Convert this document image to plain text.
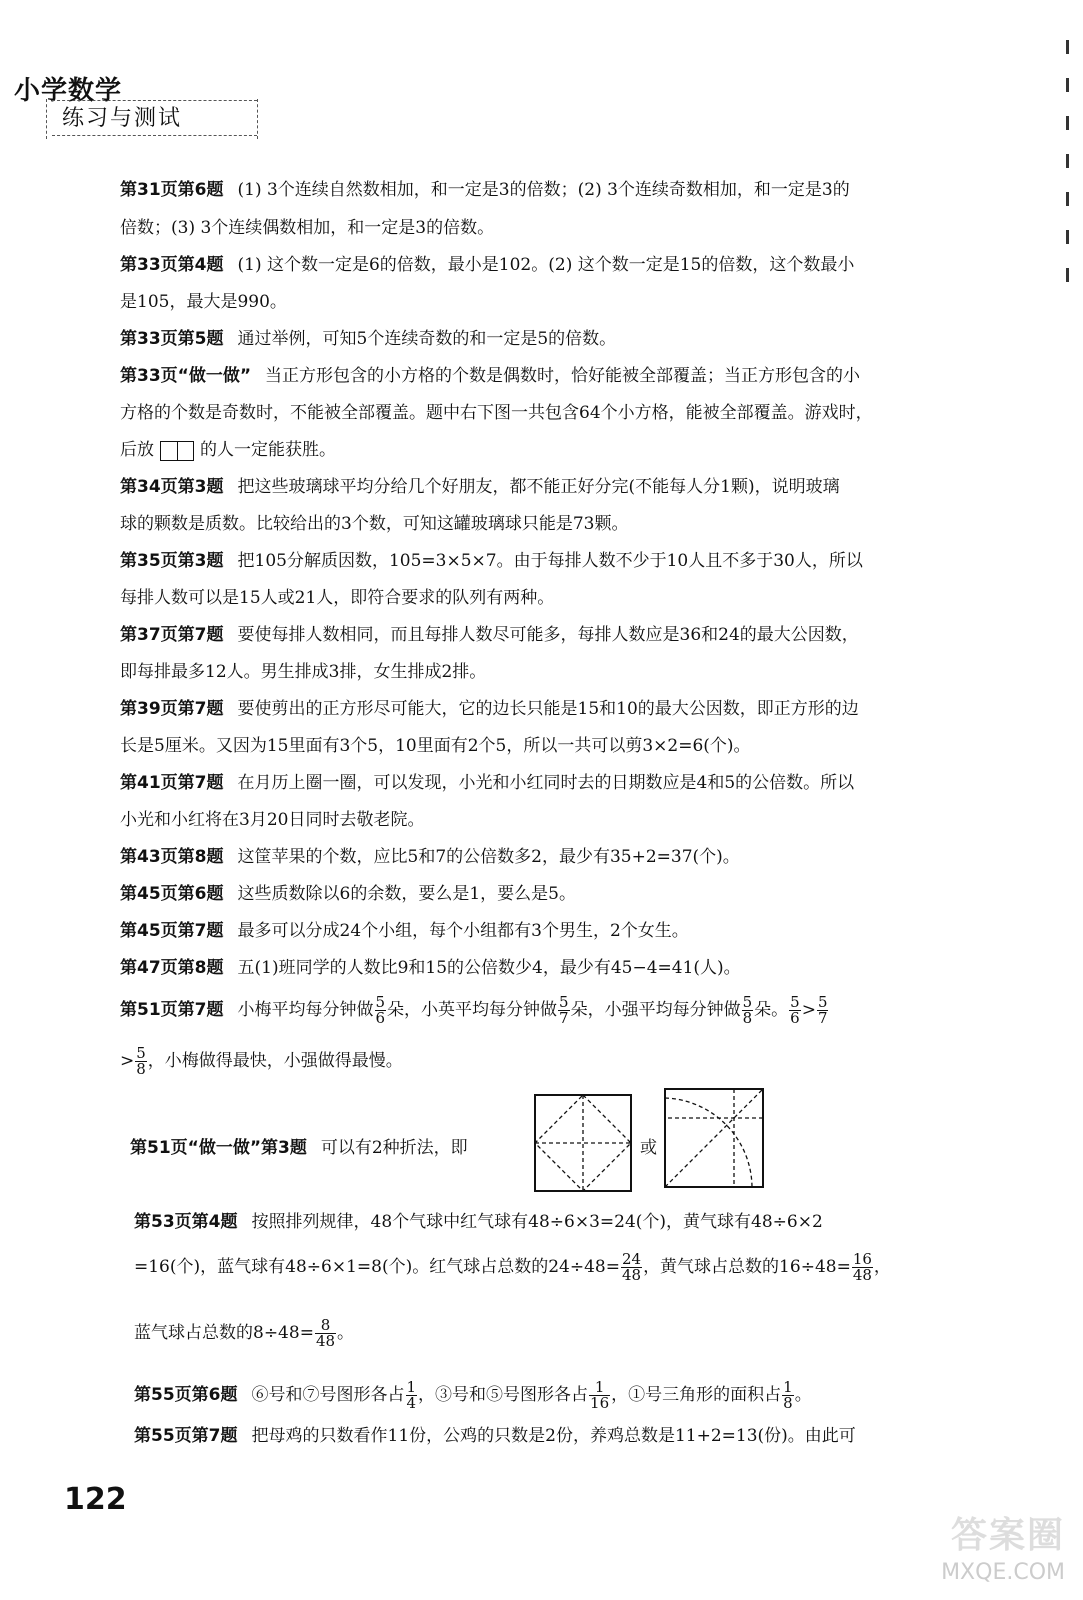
小学数学
练习与测试
第31页第6题 (1) 3个连续自然数相加，和一定是3的倍数；(2) 3个连续奇数相加，和一定是3的
倍数；(3) 3个连续偶数相加，和一定是3的倍数。
第33页第4题 (1) 这个数一定是6的倍数，最小是102。(2) 这个数一定是15的倍数，这个数最小
是105，最大是990。
第33页第5题 通过举例，可知5个连续奇数的和一定是5的倍数。
第33页“做一做” 当正方形包含的小方格的个数是偶数时，恰好能被全部覆盖；当正方形包含的小
方格的个数是奇数时，不能被全部覆盖。题中右下图一共包含64个小方格，能被全部覆盖。游戏时，
后放	的人一定能获胜。
第34页第3题 把这些玻璃球平均分给几个好朋友，都不能正好分完(不能每人分1颗)，说明玻璃
球的颗数是质数。比较给出的3个数，可知这罐玻璃球只能是73颗。
第35页第3题 把105分解质因数，105=3×5×7。由于每排人数不少于10人且不多于30人，所以
每排人数可以是15人或21人，即符合要求的队列有两种。
第37页第7题 要使每排人数相同，而且每排人数尽可能多，每排人数应是36和24的最大公因数，
即每排最多12人。男生排成3排，女生排成2排。
第39页第7题 要使剪出的正方形尽可能大，它的边长只能是15和10的最大公因数，即正方形的边
长是5厘米。又因为15里面有3个5，10里面有2个5，所以一共可以剪3×2=6(个)。
第41页第7题 在月历上圈一圈，可以发现，小光和小红同时去的日期数应是4和5的公倍数。所以
小光和小红将在3月20日同时去敬老院。
第43页第8题 这筐苹果的个数，应比5和7的公倍数多2，最少有35+2=37(个)。
第45页第6题 这些质数除以6的余数，要么是1，要么是5。
第45页第7题 最多可以分成24个小组，每个小组都有3个男生，2个女生。
第47页第8题 五(1)班同学的人数比9和15的公倍数少4，最少有45−4=41(人)。
第51页第7题 小梅平均每分钟做 $\frac{5}{6}$ 朵，小英平均每分钟做 $\frac{5}{7}$ 朵，小强平均每分钟做 $\frac{5}{8}$ 朵。 $\frac{5}{6} > \frac{5}{7}$
> $\frac{5}{8}$ ，小梅做得最快，小强做得最慢。
第51页“做一做”第3题 可以有2种折法，即	或
第53页第4题 按照排列规律，48个气球中红气球有48÷6×3=24(个)，黄气球有48÷6×2
=16(个)，蓝气球有48÷6×1=8(个)。红气球占总数的$24\div 48= \frac{24}{48}$ ，黄气球占总数的$16\div 48= \frac{16}{48}$ ，
蓝气球占总数的$8\div 48= \frac{8}{48}$ 。
第55页第6题 ⑥号和⑦号图形各占 $\frac{1}{4}$ ，③号和⑤号图形各占 $\frac{1}{16}$ ，①号三角形的面积占 $\frac{1}{8}$ 。
第55页第7题 把母鸡的只数看作11份，公鸡的只数是2份，养鸡总数是11+2=13(份)。由此可
122
答案圈
MXQE.COM
